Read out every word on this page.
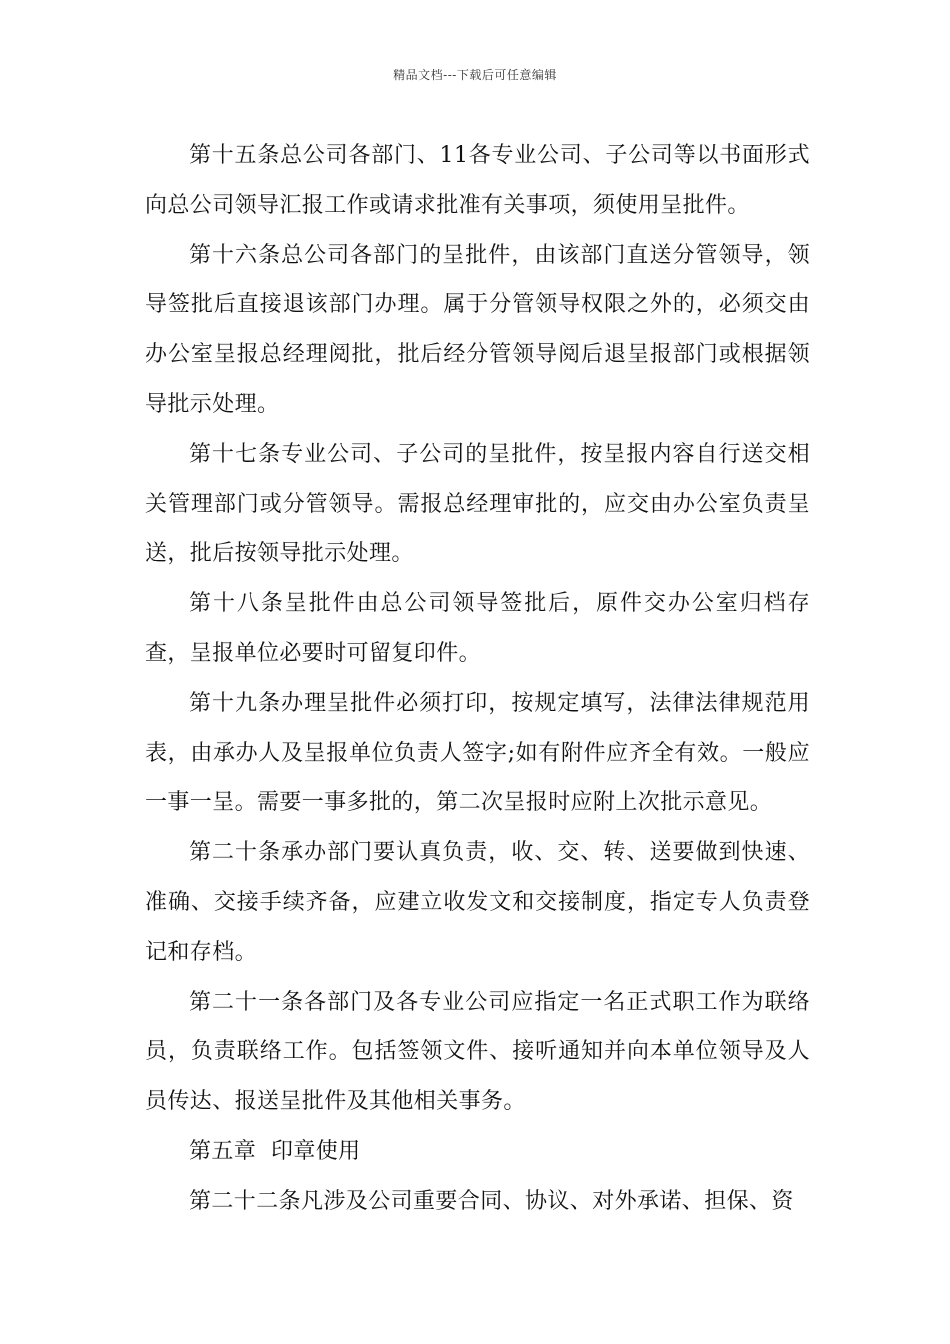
精品文档---下载后可任意编辑

第十五条总公司各部门、11各专业公司、子公司等以书面形式向总公司领导汇报工作或请求批准有关事项，须使用呈批件。

第十六条总公司各部门的呈批件，由该部门直送分管领导，领导签批后直接退该部门办理。属于分管领导权限之外的，必须交由办公室呈报总经理阅批，批后经分管领导阅后退呈报部门或根据领导批示处理。

第十七条专业公司、子公司的呈批件，按呈报内容自行送交相关管理部门或分管领导。需报总经理审批的，应交由办公室负责呈送，批后按领导批示处理。

第十八条呈批件由总公司领导签批后，原件交办公室归档存查，呈报单位必要时可留复印件。

第十九条办理呈批件必须打印，按规定填写，法律法律规范用表，由承办人及呈报单位负责人签字;如有附件应齐全有效。一般应一事一呈。需要一事多批的，第二次呈报时应附上次批示意见。

第二十条承办部门要认真负责，收、交、转、送要做到快速、准确、交接手续齐备，应建立收发文和交接制度，指定专人负责登记和存档。

第二十一条各部门及各专业公司应指定一名正式职工作为联络员，负责联络工作。包括签领文件、接听通知并向本单位领导及人员传达、报送呈批件及其他相关事务。

第五章  印章使用

第二十二条凡涉及公司重要合同、协议、对外承诺、担保、资
